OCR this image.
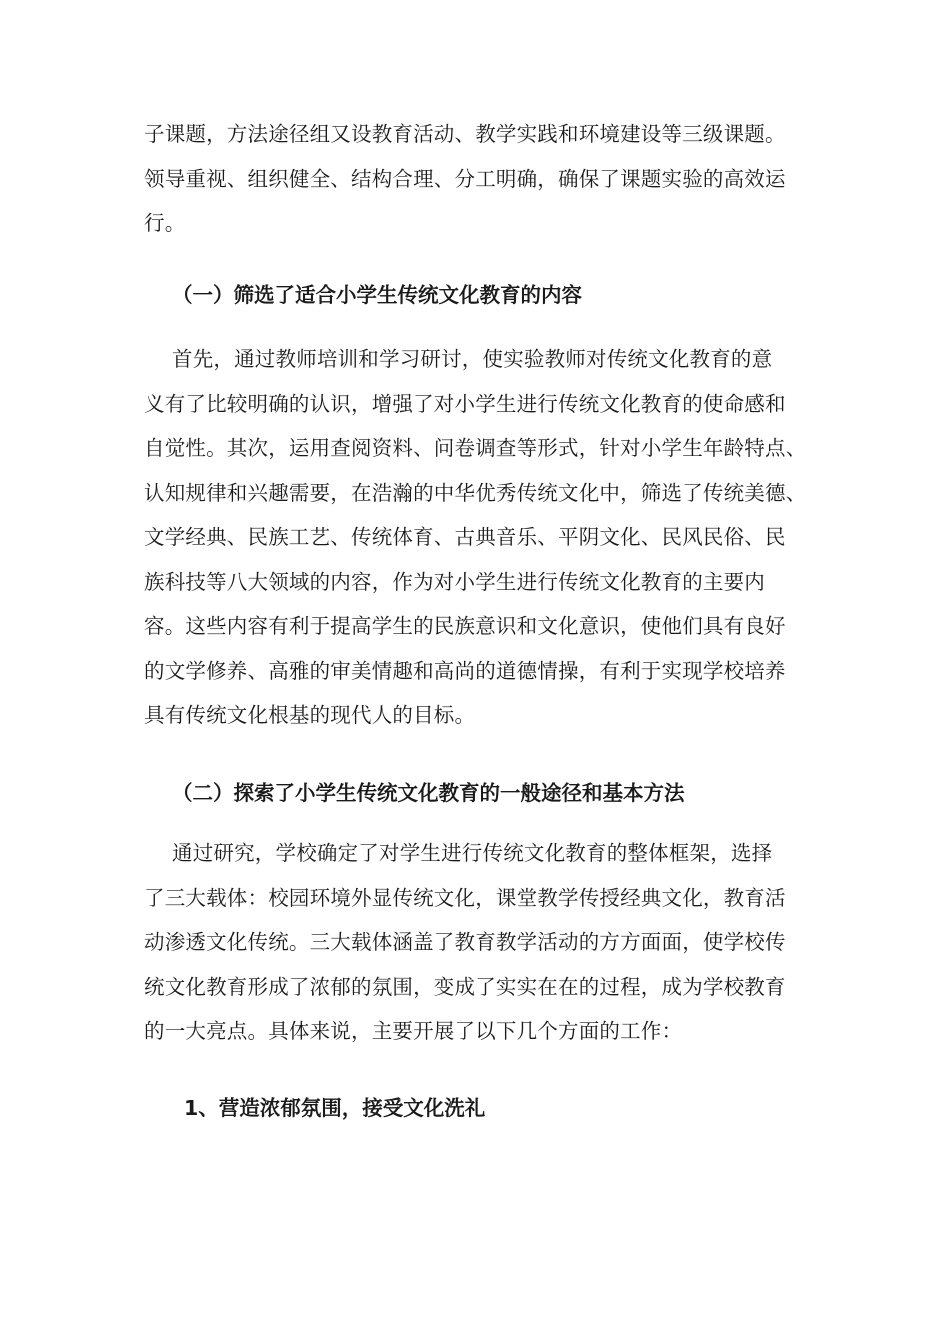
子课题，方法途径组又设教育活动、教学实践和环境建设等三级课题。
领导重视、组织健全、结构合理、分工明确，确保了课题实验的高效运
行。

（一）筛选了适合小学生传统文化教育的内容

首先，通过教师培训和学习研讨，使实验教师对传统文化教育的意
义有了比较明确的认识，增强了对小学生进行传统文化教育的使命感和
自觉性。其次，运用查阅资料、问卷调查等形式，针对小学生年龄特点、
认知规律和兴趣需要，在浩瀚的中华优秀传统文化中，筛选了传统美德、
文学经典、民族工艺、传统体育、古典音乐、平阴文化、民风民俗、民
族科技等八大领域的内容，作为对小学生进行传统文化教育的主要内
容。这些内容有利于提高学生的民族意识和文化意识，使他们具有良好
的文学修养、高雅的审美情趣和高尚的道德情操，有利于实现学校培养
具有传统文化根基的现代人的目标。

（二）探索了小学生传统文化教育的一般途径和基本方法

通过研究，学校确定了对学生进行传统文化教育的整体框架，选择
了三大载体：校园环境外显传统文化，课堂教学传授经典文化，教育活
动渗透文化传统。三大载体涵盖了教育教学活动的方方面面，使学校传
统文化教育形成了浓郁的氛围，变成了实实在在的过程，成为学校教育
的一大亮点。具体来说，主要开展了以下几个方面的工作：

1、营造浓郁氛围，接受文化洗礼
